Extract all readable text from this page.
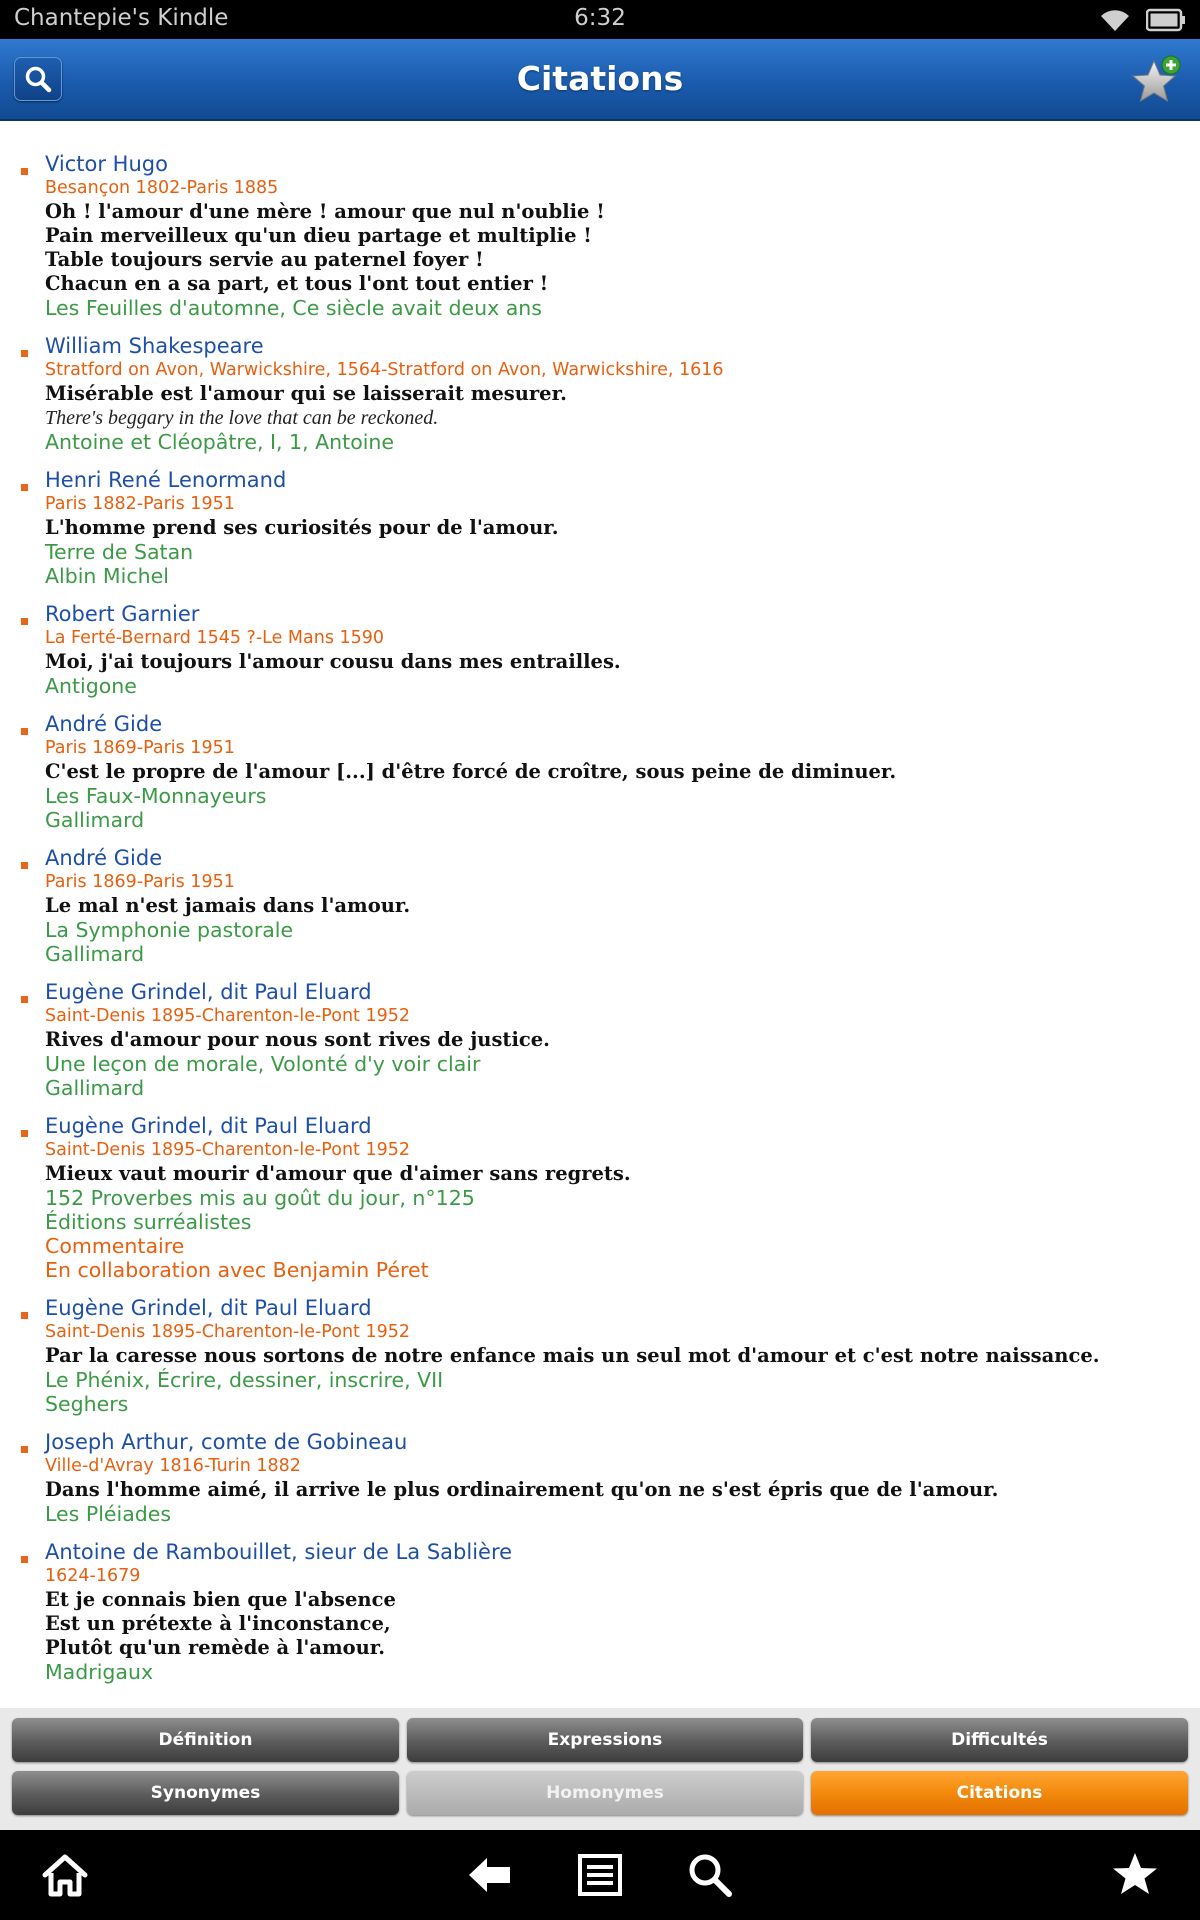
Chantepie's Kindle	6:32
Citations
Victor Hugo
Besançon 1802-Paris 1885
Oh ! l'amour d'une mère ! amour que nul n'oublie !
Pain merveilleux qu'un dieu partage et multiplie !
Table toujours servie au paternel foyer !
Chacun en a sa part, et tous l'ont tout entier !
Les Feuilles d'automne, Ce siècle avait deux ans
William Shakespeare
Stratford on Avon, Warwickshire, 1564-Stratford on Avon, Warwickshire, 1616
Misérable est l'amour qui se laisserait mesurer.
There's beggary in the love that can be reckoned.
Antoine et Cléopâtre, I, 1, Antoine
Henri René Lenormand
Paris 1882-Paris 1951
L'homme prend ses curiosités pour de l'amour.
Terre de Satan
Albin Michel
Robert Garnier
La Ferté-Bernard 1545 ?-Le Mans 1590
Moi, j'ai toujours l'amour cousu dans mes entrailles.
Antigone
André Gide
Paris 1869-Paris 1951
C'est le propre de l'amour [...] d'être forcé de croître, sous peine de diminuer.
Les Faux-Monnayeurs
Gallimard
André Gide
Paris 1869-Paris 1951
Le mal n'est jamais dans l'amour.
La Symphonie pastorale
Gallimard
Eugène Grindel, dit Paul Eluard
Saint-Denis 1895-Charenton-le-Pont 1952
Rives d'amour pour nous sont rives de justice.
Une leçon de morale, Volonté d'y voir clair
Gallimard
Eugène Grindel, dit Paul Eluard
Saint-Denis 1895-Charenton-le-Pont 1952
Mieux vaut mourir d'amour que d'aimer sans regrets.
152 Proverbes mis au goût du jour, n°125
Éditions surréalistes
Commentaire
En collaboration avec Benjamin Péret
Eugène Grindel, dit Paul Eluard
Saint-Denis 1895-Charenton-le-Pont 1952
Par la caresse nous sortons de notre enfance mais un seul mot d'amour et c'est notre naissance.
Le Phénix, Écrire, dessiner, inscrire, VII
Seghers
Joseph Arthur, comte de Gobineau
Ville-d'Avray 1816-Turin 1882
Dans l'homme aimé, il arrive le plus ordinairement qu'on ne s'est épris que de l'amour.
Les Pléiades
Antoine de Rambouillet, sieur de La Sablière
1624-1679
Et je connais bien que l'absence
Est un prétexte à l'inconstance,
Plutôt qu'un remède à l'amour.
Madrigaux
Définition	Expressions	Difficultés
Synonymes	Homonymes	Citations
